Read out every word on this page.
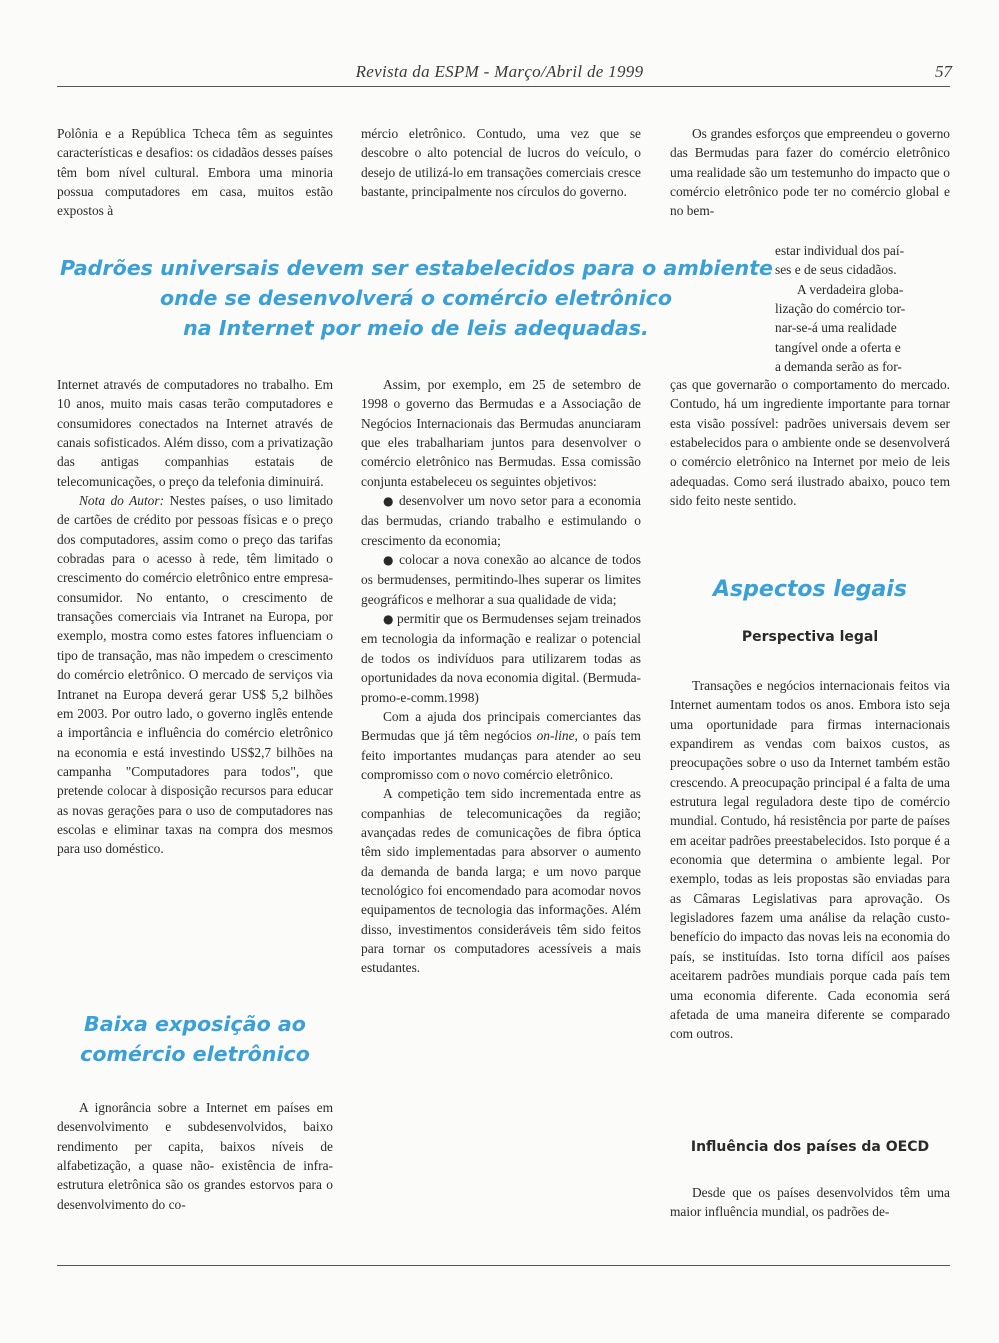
Revista da ESPM - Março/Abril de 1999	57

Polônia e a República Tcheca têm as seguintes características e desafios: os cidadãos desses países têm bom nível cultural. Embora uma minoria possua computadores em casa, muitos estão expostos à

mércio eletrônico. Contudo, uma vez que se descobre o alto potencial de lucros do veículo, o desejo de utilizá-lo em transações comerciais cresce bastante, principalmente nos círculos do governo.

Os grandes esforços que empreendeu o governo das Bermudas para fazer do comércio eletrônico uma realidade são um testemunho do impacto que o comércio eletrônico pode ter no comércio global e no bem-

estar individual dos paí-

ses e de seus cidadãos.

A verdadeira globa-

lização do comércio tor-

nar-se-á uma realidade

tangível onde a oferta e

a demanda serão as for-

Padrões universais devem ser estabelecidos para o ambiente
onde se desenvolverá o comércio eletrônico
na Internet por meio de leis adequadas.

Internet através de computadores no trabalho. Em 10 anos, muito mais casas terão computadores e consumidores conectados na Internet através de canais sofisticados. Além disso, com a privatização das antigas companhias estatais de telecomunicações, o preço da telefonia diminuirá.

Nota do Autor: Nestes países, o uso limitado de cartões de crédito por pessoas físicas e o preço dos computadores, assim como o preço das tarifas cobradas para o acesso à rede, têm limitado o crescimento do comércio eletrônico entre empresa-consumidor. No entanto, o crescimento de transações comerciais via Intranet na Europa, por exemplo, mostra como estes fatores influenciam o tipo de transação, mas não impedem o crescimento do comércio eletrônico. O mercado de serviços via Intranet na Europa deverá gerar US$ 5,2 bilhões em 2003. Por outro lado, o governo inglês entende a importância e influência do comércio eletrônico na economia e está investindo US$2,7 bilhões na campanha "Computadores para todos", que pretende colocar à disposição recursos para educar as novas gerações para o uso de computadores nas escolas e eliminar taxas na compra dos mesmos para uso doméstico.

Baixa exposição ao
comércio eletrônico

A ignorância sobre a Internet em países em desenvolvimento e subdesenvolvidos, baixo rendimento per capita, baixos níveis de alfabetização, a quase não- existência de infra-estrutura eletrônica são os grandes estorvos para o desenvolvimento do co-

Assim, por exemplo, em 25 de setembro de 1998 o governo das Bermudas e a Associação de Negócios Internacionais das Bermudas anunciaram que eles trabalhariam juntos para desenvolver o comércio eletrônico nas Bermudas. Essa comissão conjunta estabeleceu os seguintes objetivos:

● desenvolver um novo setor para a economia das bermudas, criando trabalho e estimulando o crescimento da economia;

● colocar a nova conexão ao alcance de todos os bermudenses, permitindo-lhes superar os limites geográficos e melhorar a sua qualidade de vida;

● permitir que os Bermudenses sejam treinados em tecnologia da informação e realizar o potencial de todos os indivíduos para utilizarem todas as oportunidades da nova economia digital. (Bermuda-promo-e-comm.1998)

Com a ajuda dos principais comerciantes das Bermudas que já têm negócios on-line, o país tem feito importantes mudanças para atender ao seu compromisso com o novo comércio eletrônico.

A competição tem sido incrementada entre as companhias de telecomunicações da região; avançadas redes de comunicações de fibra óptica têm sido implementadas para absorver o aumento da demanda de banda larga; e um novo parque tecnológico foi encomendado para acomodar novos equipamentos de tecnologia das informações. Além disso, investimentos consideráveis têm sido feitos para tornar os computadores acessíveis a mais estudantes.

ças que governarão o comportamento do mercado. Contudo, há um ingrediente importante para tornar esta visão possível: padrões universais devem ser estabelecidos para o ambiente onde se desenvolverá o comércio eletrônico na Internet por meio de leis adequadas. Como será ilustrado abaixo, pouco tem sido feito neste sentido.

Aspectos legais
Perspectiva legal

Transações e negócios internacionais feitos via Internet aumentam todos os anos. Embora isto seja uma oportunidade para firmas internacionais expandirem as vendas com baixos custos, as preocupações sobre o uso da Internet também estão crescendo. A preocupação principal é a falta de uma estrutura legal reguladora deste tipo de comércio mundial. Contudo, há resistência por parte de países em aceitar padrões preestabelecidos. Isto porque é a economia que determina o ambiente legal. Por exemplo, todas as leis propostas são enviadas para as Câmaras Legislativas para aprovação. Os legisladores fazem uma análise da relação custo-benefício do impacto das novas leis na economia do país, se instituídas. Isto torna difícil aos países aceitarem padrões mundiais porque cada país tem uma economia diferente. Cada economia será afetada de uma maneira diferente se comparado com outros.

Influência dos países da OECD

Desde que os países desenvolvidos têm uma maior influência mundial, os padrões de-
